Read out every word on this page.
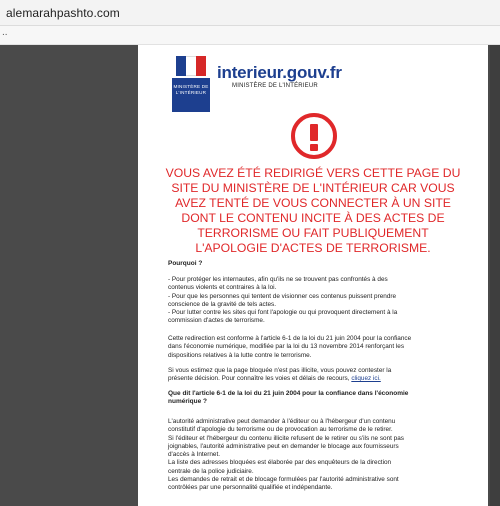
alemarahpashto.com
..
MINISTÈRE DE L'INTÉRIEUR
interieur.gouv.fr
MINISTÈRE DE L'INTÉRIEUR
VOUS AVEZ ÉTÉ REDIRIGÉ VERS CETTE PAGE DU
SITE DU MINISTÈRE DE L'INTÉRIEUR CAR VOUS
AVEZ TENTÉ DE VOUS CONNECTER À UN SITE
DONT LE CONTENU INCITE À DES ACTES DE
TERRORISME OU FAIT PUBLIQUEMENT
L'APOLOGIE D'ACTES DE TERRORISME.
Pourquoi ?
- Pour protéger les internautes, afin qu'ils ne se trouvent pas confrontés à des
contenus violents et contraires à la loi.
- Pour que les personnes qui tentent de visionner ces contenus puissent prendre
conscience de la gravité de tels actes.
- Pour lutter contre les sites qui font l'apologie ou qui provoquent directement à la
commission d'actes de terrorisme.
Cette redirection est conforme à l'article 6-1 de la loi du 21 juin 2004 pour la confiance
dans l'économie numérique, modifiée par la loi du 13 novembre 2014 renforçant les
dispositions relatives à la lutte contre le terrorisme.
Si vous estimez que la page bloquée n'est pas illicite, vous pouvez contester la
présente décision. Pour connaître les voies et délais de recours, cliquez ici.
Que dit l'article 6-1 de la loi du 21 juin 2004 pour la confiance dans l'économie
numérique ?
L'autorité administrative peut demander à l'éditeur ou à l'hébergeur d'un contenu
constitutif d'apologie du terrorisme ou de provocation au terrorisme de le retirer.
Si l'éditeur et l'hébergeur du contenu illicite refusent de le retirer ou s'ils ne sont pas
joignables, l'autorité administrative peut en demander le blocage aux fournisseurs
d'accès à Internet.
La liste des adresses bloquées est élaborée par des enquêteurs de la direction
centrale de la police judiciaire.
Les demandes de retrait et de blocage formulées par l'autorité administrative sont
contrôlées par une personnalité qualifiée et indépendante.
